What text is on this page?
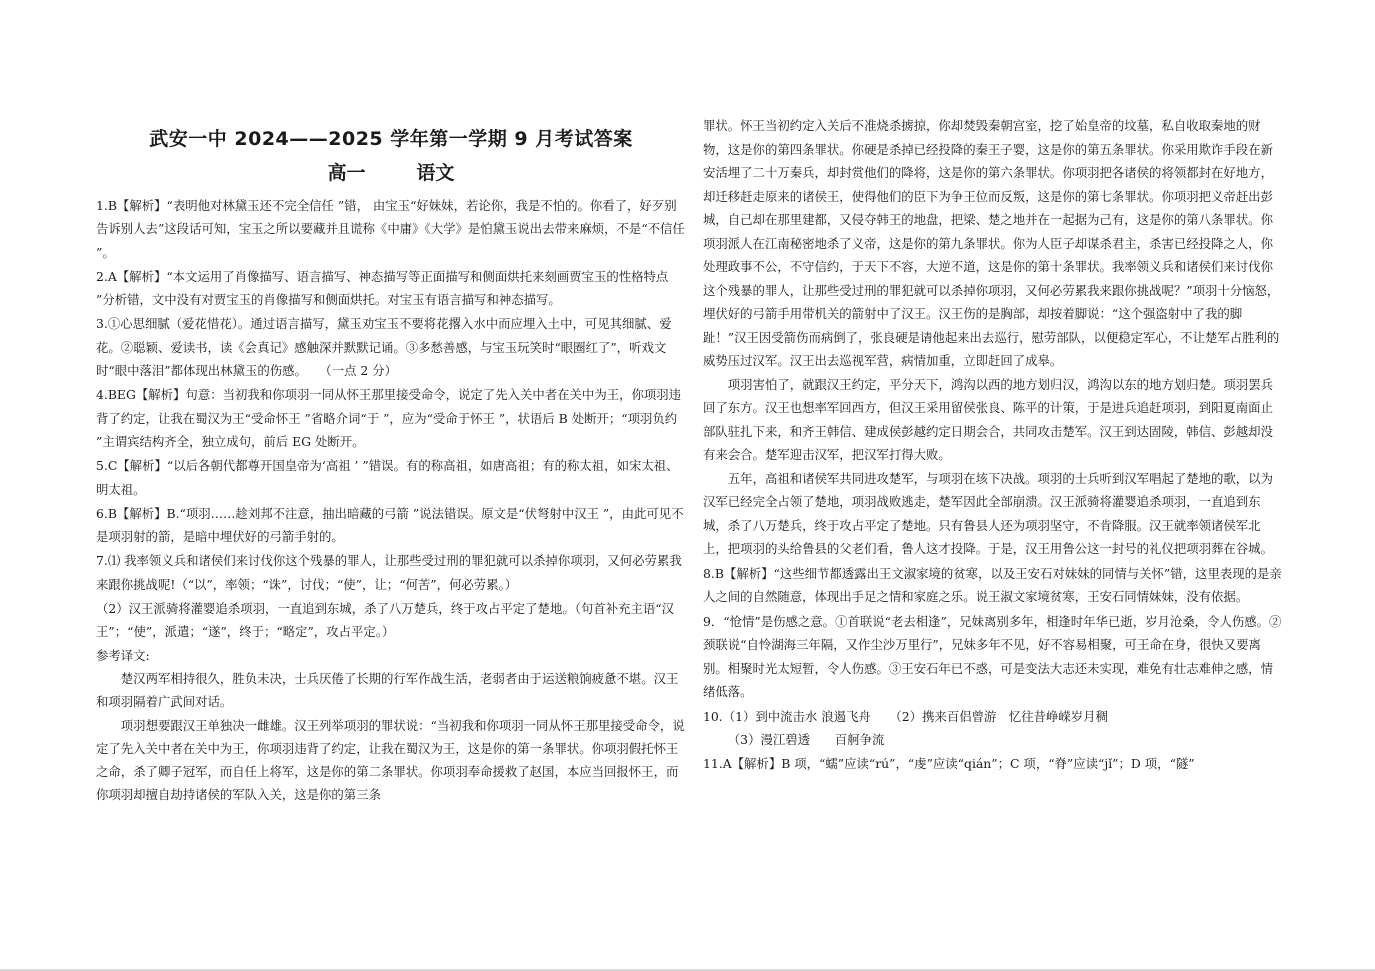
武安一中 2024——2025 学年第一学期 9 月考试答案
高一	语文

1.B【解析】“表明他对林黛玉还不完全信任 ”错， 由宝玉“好妹妹，若论你，我是不怕的。你看了，好歹别告诉别人去”这段话可知，宝玉之所以要藏并且谎称《中庸》《大学》是怕黛玉说出去带来麻烦，不是“不信任 ”。

2.A【解析】“本文运用了肖像描写、语言描写、神态描写等正面描写和侧面烘托来刻画贾宝玉的性格特点 ”分析错，文中没有对贾宝玉的肖像描写和侧面烘托。对宝玉有语言描写和神态描写。

3.①心思细腻（爱花惜花）。通过语言描写，黛玉劝宝玉不要将花撂入水中而应埋入土中，可见其细腻、爱花。②聪颖、爱读书，读《会真记》感触深并默默记诵。③多愁善感，与宝玉玩笑时“眼圈红了”，听戏文时“眼中落泪”都体现出林黛玉的伤感。　　（一点 2 分）

4.BEG【解析】句意：当初我和你项羽一同从怀王那里接受命令，说定了先入关中者在关中为王，你项羽违背了约定，让我在蜀汉为王“受命怀王 ”省略介词“于 ”，应为“受命于怀王 ”，状语后 B 处断开；“项羽负约 ”主谓宾结构齐全，独立成句，前后 EG 处断开。

5.C【解析】“以后各朝代都尊开国皇帝为‘高祖 ’ ”错误。有的称高祖，如唐高祖；有的称太祖，如宋太祖、明太祖。

6.B【解析】B.“项羽……趁刘邦不注意，抽出暗藏的弓箭 ”说法错误。原文是“伏弩射中汉王 ”，由此可见不是项羽射的箭，是暗中埋伏好的弓箭手射的。

7.⑴ 我率领义兵和诸侯们来讨伐你这个残暴的罪人，让那些受过刑的罪犯就可以杀掉你项羽，又何必劳累我来跟你挑战呢!（“以”，率领；“诛”，讨伐；“使”，让；“何苦”，何必劳累。）

（2）汉王派骑将灌婴追杀项羽，一直追到东城，杀了八万楚兵，终于攻占平定了楚地。（句首补充主语“汉王”；“使”，派遣；“遂”，终于；“略定”，攻占平定。）

参考译文:

楚汉两军相持很久，胜负未决，士兵厌倦了长期的行军作战生活，老弱者由于运送粮饷疲惫不堪。汉王和项羽隔着广武间对话。

项羽想要跟汉王单独决一雌雄。汉王列举项羽的罪状说：“当初我和你项羽一同从怀王那里接受命令，说定了先入关中者在关中为王，你项羽违背了约定，让我在蜀汉为王，这是你的第一条罪状。你项羽假托怀王之命，杀了卿子冠军，而自任上将军，这是你的第二条罪状。你项羽奉命援救了赵国，本应当回报怀王，而你项羽却擅自劫持诸侯的军队入关，这是你的第三条

罪状。怀王当初约定入关后不准烧杀掳掠，你却焚毁秦朝宫室，挖了始皇帝的坟墓，私自收取秦地的财物，这是你的第四条罪状。你硬是杀掉已经投降的秦王子婴，这是你的第五条罪状。你采用欺诈手段在新安活埋了二十万秦兵，却封赏他们的降将，这是你的第六条罪状。你项羽把各诸侯的将领都封在好地方，却迁移赶走原来的诸侯王，使得他们的臣下为争王位而反叛，这是你的第七条罪状。你项羽把义帝赶出彭城，自己却在那里建都，又侵夺韩王的地盘，把梁、楚之地并在一起据为己有，这是你的第八条罪状。你项羽派人在江南秘密地杀了义帝，这是你的第九条罪状。你为人臣子却谋杀君主，杀害已经投降之人，你处理政事不公，不守信约，于天下不容，大逆不道，这是你的第十条罪状。我率领义兵和诸侯们来讨伐你这个残暴的罪人，让那些受过刑的罪犯就可以杀掉你项羽，又何必劳累我来跟你挑战呢？”项羽十分恼怒，埋伏好的弓箭手用带机关的箭射中了汉王。汉王伤的是胸部，却按着脚说：“这个强盗射中了我的脚趾！”汉王因受箭伤而病倒了，张良硬是请他起来出去巡行，慰劳部队，以便稳定军心，不让楚军占胜利的威势压过汉军。汉王出去巡视军营，病情加重，立即赶回了成皋。

项羽害怕了，就跟汉王约定，平分天下，鸿沟以西的地方划归汉，鸿沟以东的地方划归楚。项羽罢兵回了东方。汉王也想率军回西方，但汉王采用留侯张良、陈平的计策，于是进兵追赶项羽，到阳夏南面止部队驻扎下来，和齐王韩信、建成侯彭越约定日期会合，共同攻击楚军。汉王到达固陵，韩信、彭越却没有来会合。楚军迎击汉军，把汉军打得大败。

五年，高祖和诸侯军共同进攻楚军，与项羽在垓下决战。项羽的士兵听到汉军唱起了楚地的歌，以为汉军已经完全占领了楚地，项羽战败逃走，楚军因此全部崩溃。汉王派骑将灌婴追杀项羽，一直追到东城，杀了八万楚兵，终于攻占平定了楚地。只有鲁县人还为项羽坚守，不肯降服。汉王就率领诸侯军北上，把项羽的头给鲁县的父老们看，鲁人这才投降。于是，汉王用鲁公这一封号的礼仪把项羽葬在谷城。

8.B【解析】“这些细节都透露出王文淑家境的贫寒，以及王安石对妹妹的同情与关怀”错，这里表现的是亲人之间的自然随意，体现出手足之情和家庭之乐。说王淑文家境贫寒，王安石同情妹妹，没有依据。

9．“怆情”是伤感之意。①首联说“老去相逢”，兄妹离别多年，相逢时年华已逝，岁月沧桑，令人伤感。②颈联说“自怜湖海三年隔，又作尘沙万里行”，兄妹多年不见，好不容易相聚，可王命在身，很快又要离别。相聚时光太短暂，令人伤感。③王安石年已不惑，可是变法大志还未实现，难免有壮志难伸之感，情绪低落。

10.（1）到中流击水 浪遏飞舟　　（2）携来百侣曾游　忆往昔峥嵘岁月稠

（3）漫江碧透　　百舸争流

11.A【解析】B 项，“蠕”应读“rú”，“虔”应读“qián”；C 项，“脊”应读“jǐ”；D 项，“隧”
